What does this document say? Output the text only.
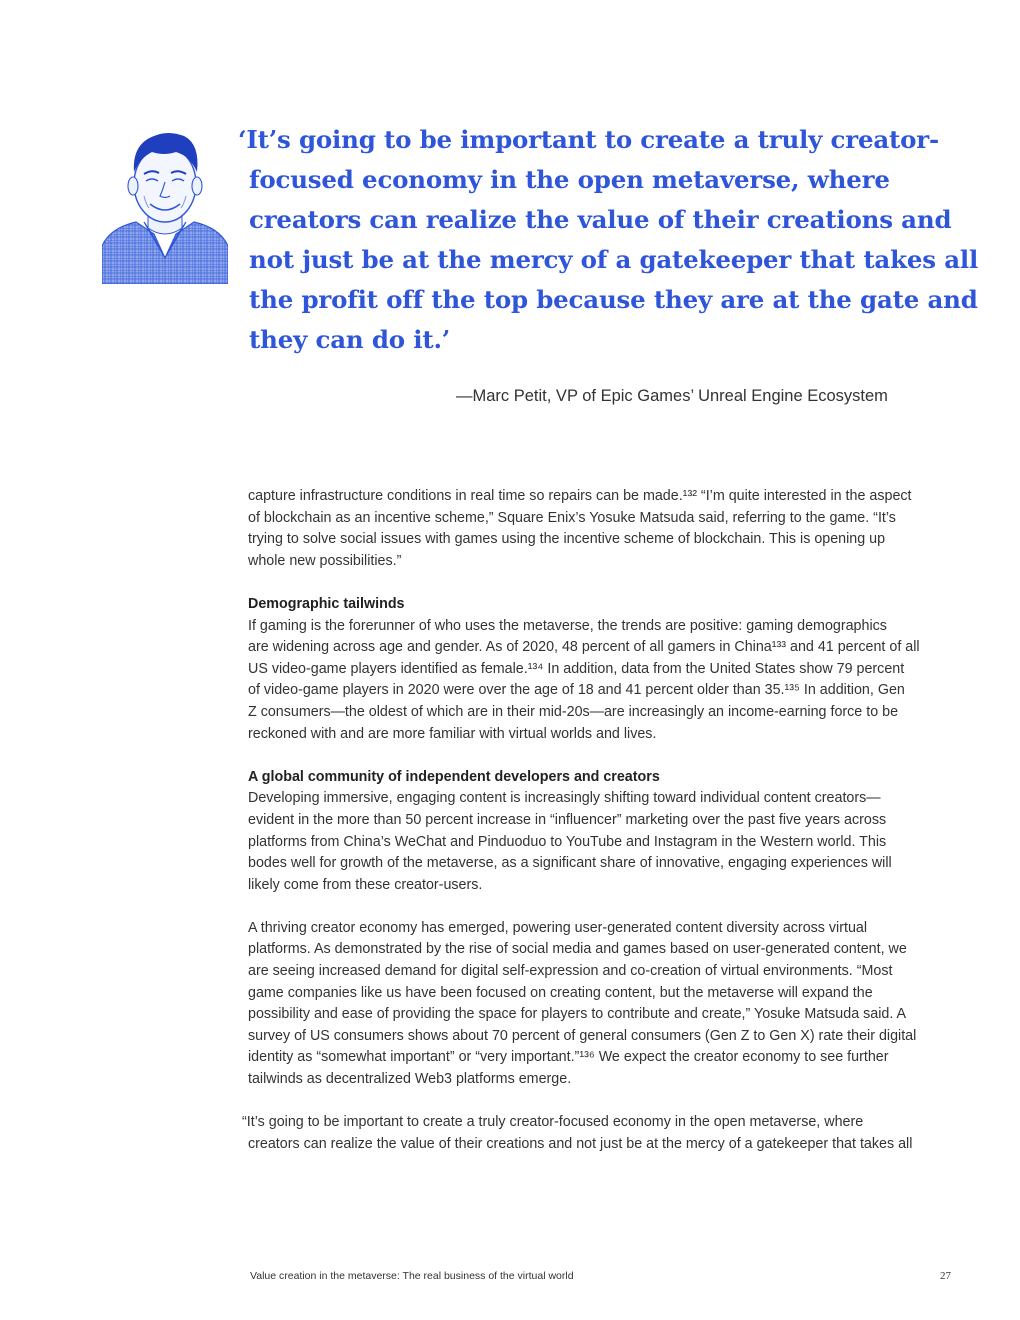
‘It’s going to be important to create a truly creator-
focused economy in the open metaverse, where
creators can realize the value of their creations and
not just be at the mercy of a gatekeeper that takes all
the profit off the top because they are at the gate and
they can do it.’
—Marc Petit, VP of Epic Games’ Unreal Engine Ecosystem
capture infrastructure conditions in real time so repairs can be made.¹³² “I’m quite interested in the aspect
of blockchain as an incentive scheme,” Square Enix’s Yosuke Matsuda said, referring to the game. “It’s
trying to solve social issues with games using the incentive scheme of blockchain. This is opening up
whole new possibilities.”
Demographic tailwinds
If gaming is the forerunner of who uses the metaverse, the trends are positive: gaming demographics
are widening across age and gender. As of 2020, 48 percent of all gamers in China¹³³ and 41 percent of all
US video-game players identified as female.¹³⁴ In addition, data from the United States show 79 percent
of video-game players in 2020 were over the age of 18 and 41 percent older than 35.¹³⁵ In addition, Gen
Z consumers—the oldest of which are in their mid-20s—are increasingly an income-earning force to be
reckoned with and are more familiar with virtual worlds and lives.
A global community of independent developers and creators
Developing immersive, engaging content is increasingly shifting toward individual content creators—
evident in the more than 50 percent increase in “influencer” marketing over the past five years across
platforms from China’s WeChat and Pinduoduo to YouTube and Instagram in the Western world. This
bodes well for growth of the metaverse, as a significant share of innovative, engaging experiences will
likely come from these creator-users.
A thriving creator economy has emerged, powering user-generated content diversity across virtual
platforms. As demonstrated by the rise of social media and games based on user-generated content, we
are seeing increased demand for digital self-expression and co-creation of virtual environments. “Most
game companies like us have been focused on creating content, but the metaverse will expand the
possibility and ease of providing the space for players to contribute and create,” Yosuke Matsuda said. A
survey of US consumers shows about 70 percent of general consumers (Gen Z to Gen X) rate their digital
identity as “somewhat important” or “very important.”¹³⁶ We expect the creator economy to see further
tailwinds as decentralized Web3 platforms emerge.
“It’s going to be important to create a truly creator-focused economy in the open metaverse, where
creators can realize the value of their creations and not just be at the mercy of a gatekeeper that takes all
Value creation in the metaverse: The real business of the virtual world	27
